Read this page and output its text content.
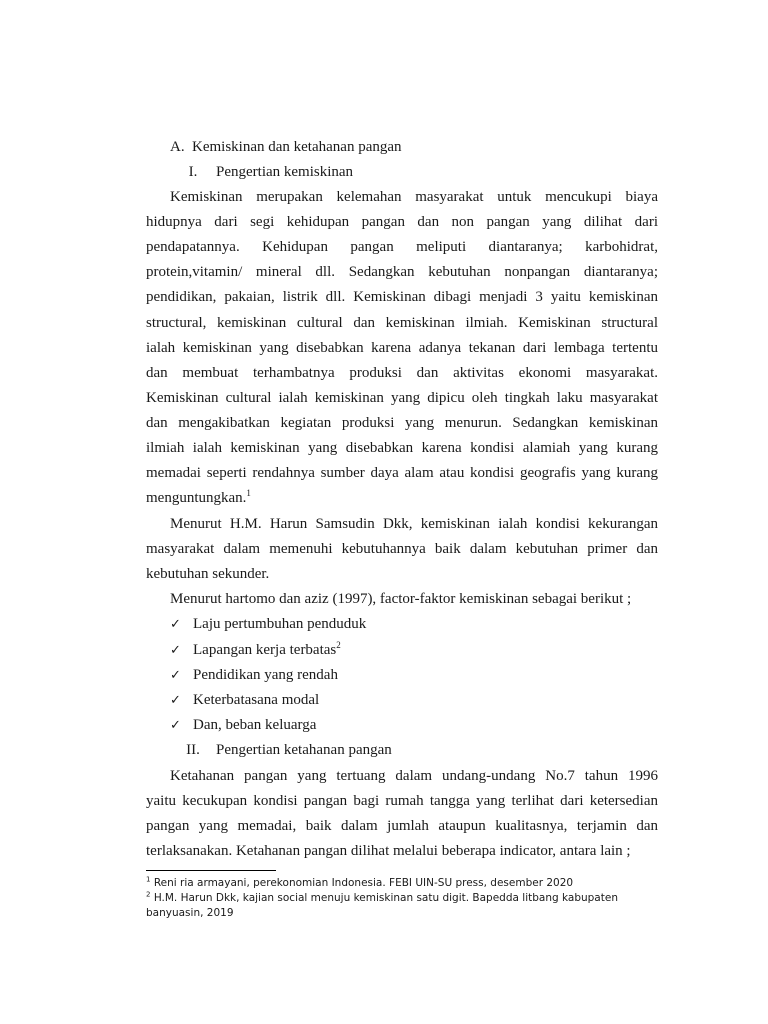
A. Kemiskinan dan ketahanan pangan
I. Pengertian kemiskinan
Kemiskinan merupakan kelemahan masyarakat untuk mencukupi biaya
hidupnya dari segi kehidupan pangan dan non pangan yang dilihat dari
pendapatannya. Kehidupan pangan meliputi diantaranya; karbohidrat,
protein,vitamin/ mineral dll. Sedangkan kebutuhan nonpangan diantaranya;
pendidikan, pakaian, listrik dll. Kemiskinan dibagi menjadi 3 yaitu kemiskinan
structural, kemiskinan cultural dan kemiskinan ilmiah. Kemiskinan structural
ialah kemiskinan yang disebabkan karena adanya tekanan dari lembaga tertentu
dan membuat terhambatnya produksi dan aktivitas ekonomi masyarakat.
Kemiskinan cultural ialah kemiskinan yang dipicu oleh tingkah laku masyarakat
dan mengakibatkan kegiatan produksi yang menurun. Sedangkan kemiskinan
ilmiah ialah kemiskinan yang disebabkan karena kondisi alamiah yang kurang
memadai seperti rendahnya sumber daya alam atau kondisi geografis yang kurang
menguntungkan.$^1$
Menurut H.M. Harun Samsudin Dkk, kemiskinan ialah kondisi kekurangan
masyarakat dalam memenuhi kebutuhannya baik dalam kebutuhan primer dan
kebutuhan sekunder.
Menurut hartomo dan aziz (1997), factor-faktor kemiskinan sebagai berikut ;
✓ Laju pertumbuhan penduduk
✓ Lapangan kerja terbatas$^2$
✓ Pendidikan yang rendah
✓ Keterbatasana modal
✓ Dan, beban keluarga
II. Pengertian ketahanan pangan
Ketahanan pangan yang tertuang dalam undang-undang No.7 tahun 1996
yaitu kecukupan kondisi pangan bagi rumah tangga yang terlihat dari ketersedian
pangan yang memadai, baik dalam jumlah ataupun kualitasnya, terjamin dan
terlaksanakan. Ketahanan pangan dilihat melalui beberapa indicator, antara lain ;
$^1$ Reni ria armayani, perekonomian Indonesia. FEBI UIN-SU press, desember 2020
$^2$ H.M. Harun Dkk, kajian social menuju kemiskinan satu digit. Bapedda litbang kabupaten
banyuasin, 2019
